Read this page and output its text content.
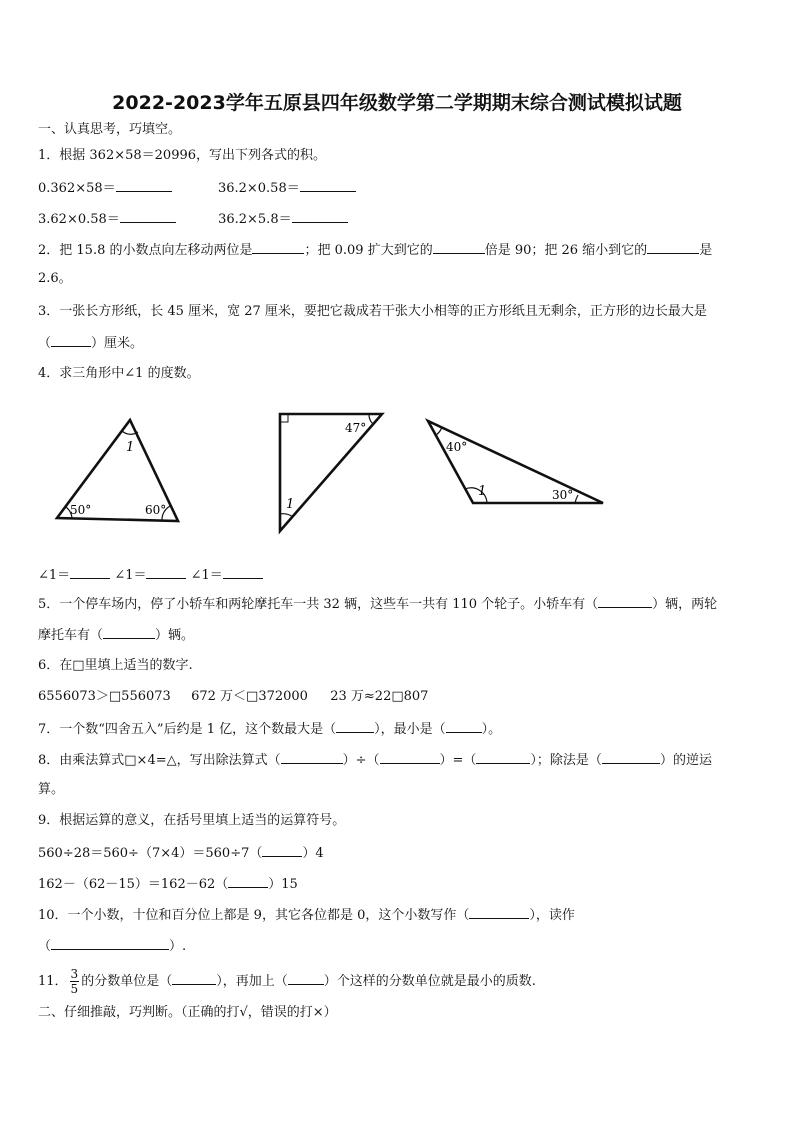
2022-2023学年五原县四年级数学第二学期期末综合测试模拟试题
一、认真思考，巧填空。
1．根据 362×58＝20996，写出下列各式的积。
0.362×58＝	36.2×0.58＝
3.62×0.58＝	36.2×5.8＝
2．把 15.8 的小数点向左移动两位是	；把 0.09 扩大到它的	倍是 90；把 26 缩小到它的	是
2.6。
3．一张长方形纸，长 45 厘米，宽 27 厘米，要把它裁成若干张大小相等的正方形纸且无剩余，正方形的边长最大是
（	）厘米。
4．求三角形中∠1 的度数。
1
50°	60°
47°
1
40°
1	30°
∠1＝	∠1＝	∠1＝
5．一个停车场内，停了小轿车和两轮摩托车一共 32 辆，这些车一共有 110 个轮子。小轿车有（	）辆，两轮
摩托车有（	）辆。
6．在□里填上适当的数字.
6556073＞□556073 672 万＜□372000 23 万≈22□807
7．一个数“四舍五入”后约是 1 亿，这个数最大是（	），最小是（	）。
8．由乘法算式□×4=△，写出除法算式（	）÷（	）=（	）；除法是（	）的逆运
算。
9．根据运算的意义，在括号里填上适当的运算符号。
560÷28＝560÷（7×4）＝560÷7（	）4
162－（62－15）＝162－62（	）15
10．一个小数，十位和百分位上都是 9，其它各位都是 0，这个小数写作（	），读作
（	）.
11． $\frac{3}{5}$ 的分数单位是（	），再加上（	）个这样的分数单位就是最小的质数.
二、仔细推敲，巧判断。（正确的打√，错误的打×）
